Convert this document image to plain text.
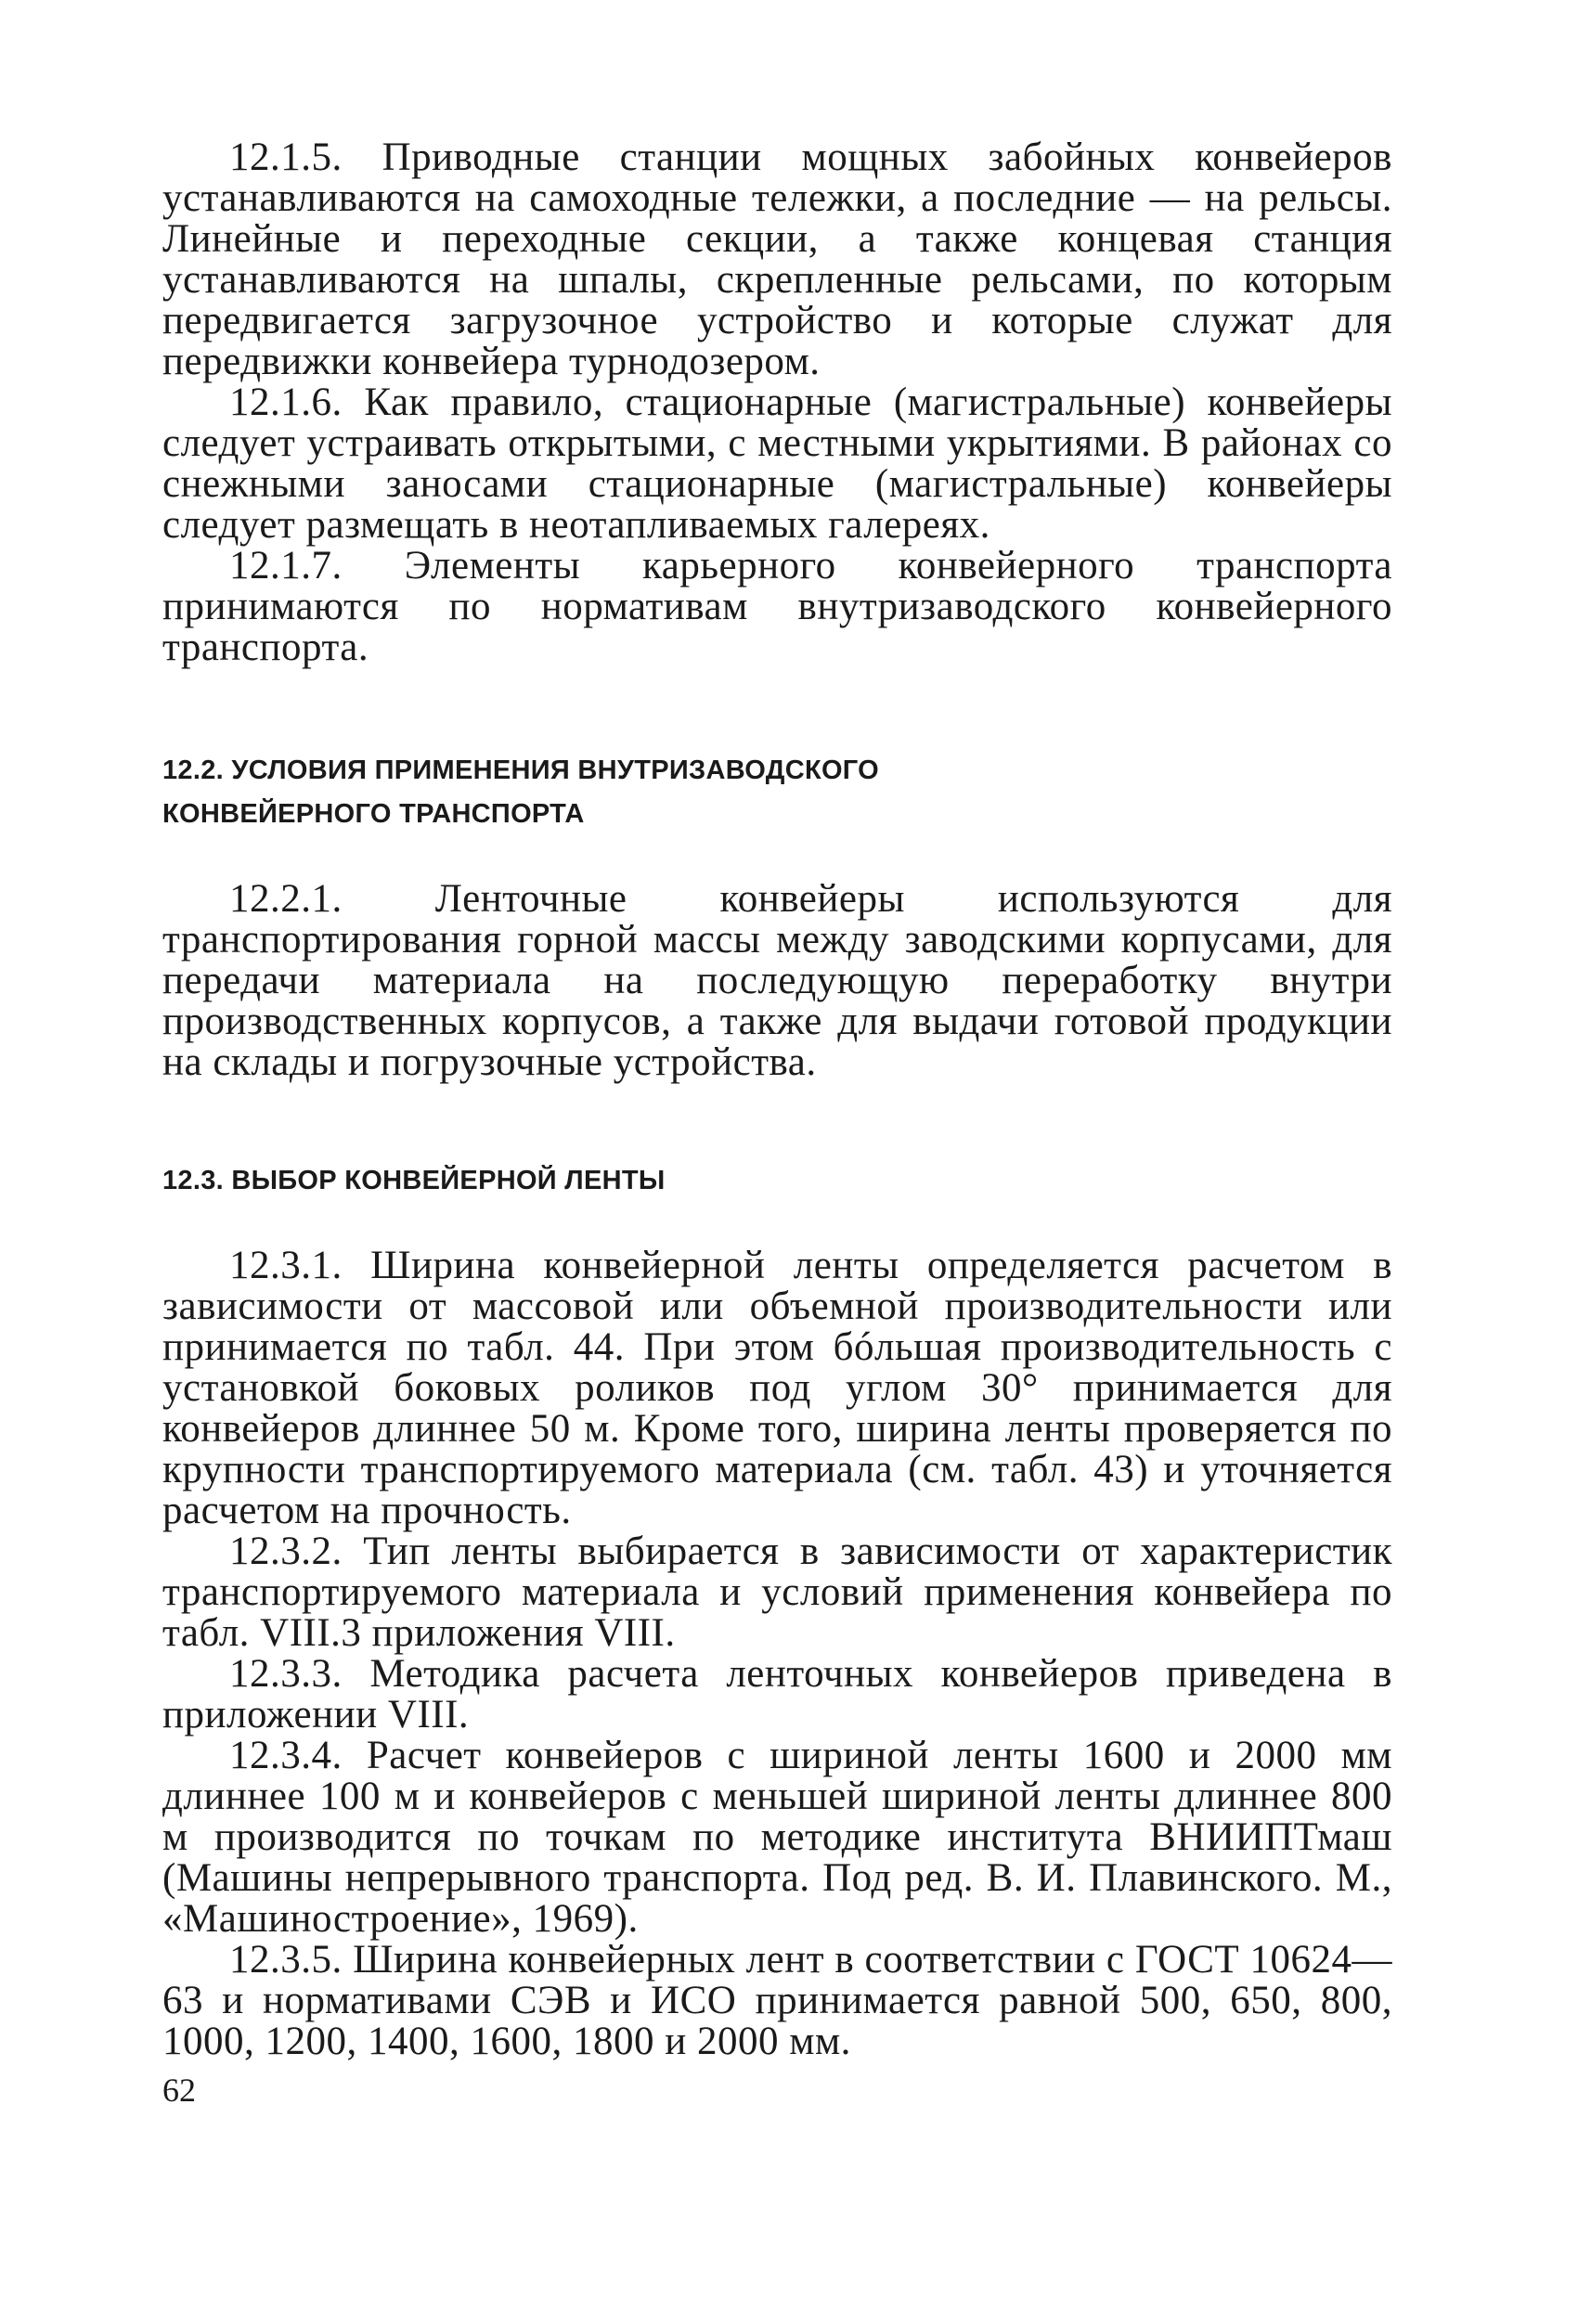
12.1.5. Приводные станции мощных забойных конвейеров устанавливаются на самоходные тележки, а последние — на рельсы. Линейные и переходные секции, а также концевая станция устанавливаются на шпалы, скрепленные рельсами, по которым передвигается загрузочное устройство и которые служат для передвижки конвейера турнодозером.

12.1.6. Как правило, стационарные (магистральные) конвейеры следует устраивать открытыми, с местными укрытиями. В районах со снежными заносами стационарные (магистральные) конвейеры следует размещать в неотапливаемых галереях.

12.1.7. Элементы карьерного конвейерного транспорта принимаются по нормативам внутризаводского конвейерного транспорта.

12.2. УСЛОВИЯ ПРИМЕНЕНИЯ ВНУТРИЗАВОДСКОГО
КОНВЕЙЕРНОГО ТРАНСПОРТА

12.2.1. Ленточные конвейеры используются для транспортирования горной массы между заводскими корпусами, для передачи материала на последующую переработку внутри производственных корпусов, а также для выдачи готовой продукции на склады и погрузочные устройства.

12.3. ВЫБОР КОНВЕЙЕРНОЙ ЛЕНТЫ

12.3.1. Ширина конвейерной ленты определяется расчетом в зависимости от массовой или объемной производительности или принимается по табл. 44. При этом бóльшая производительность с установкой боковых роликов под углом 30° принимается для конвейеров длиннее 50 м. Кроме того, ширина ленты проверяется по крупности транспортируемого материала (см. табл. 43) и уточняется расчетом на прочность.

12.3.2. Тип ленты выбирается в зависимости от характеристик транспортируемого материала и условий применения конвейера по табл. VIII.3 приложения VIII.

12.3.3. Методика расчета ленточных конвейеров приведена в приложении VIII.

12.3.4. Расчет конвейеров с шириной ленты 1600 и 2000 мм длиннее 100 м и конвейеров с меньшей шириной ленты длиннее 800 м производится по точкам по методике института ВНИИПТмаш (Машины непрерывного транспорта. Под ред. В. И. Плавинского. М., «Машиностроение», 1969).

12.3.5. Ширина конвейерных лент в соответствии с ГОСТ 10624—63 и нормативами СЭВ и ИСО принимается равной 500, 650, 800, 1000, 1200, 1400, 1600, 1800 и 2000 мм.

62
